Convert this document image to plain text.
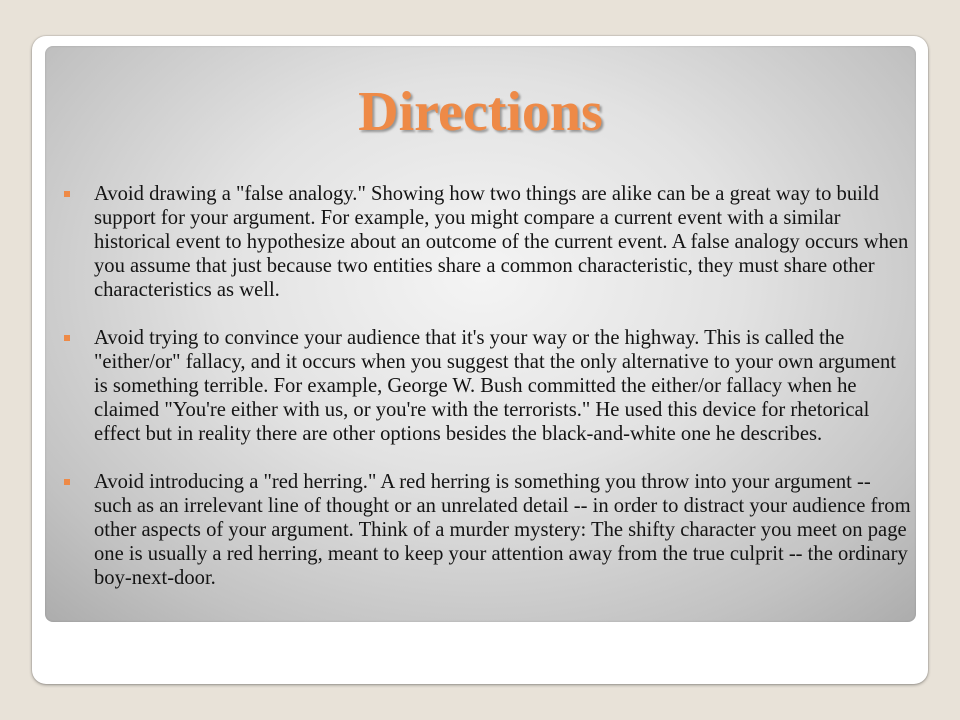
Directions
Avoid drawing a "false analogy." Showing how two things are alike can be a great way to build support for your argument. For example, you might compare a current event with a similar historical event to hypothesize about an outcome of the current event. A false analogy occurs when you assume that just because two entities share a common characteristic, they must share other characteristics as well.
Avoid trying to convince your audience that it's your way or the highway. This is called the "either/or" fallacy, and it occurs when you suggest that the only alternative to your own argument is something terrible. For example, George W. Bush committed the either/or fallacy when he claimed "You're either with us, or you're with the terrorists." He used this device for rhetorical effect but in reality there are other options besides the black-and-white one he describes.
Avoid introducing a "red herring." A red herring is something you throw into your argument -- such as an irrelevant line of thought or an unrelated detail -- in order to distract your audience from other aspects of your argument. Think of a murder mystery: The shifty character you meet on page one is usually a red herring, meant to keep your attention away from the true culprit -- the ordinary boy-next-door.
